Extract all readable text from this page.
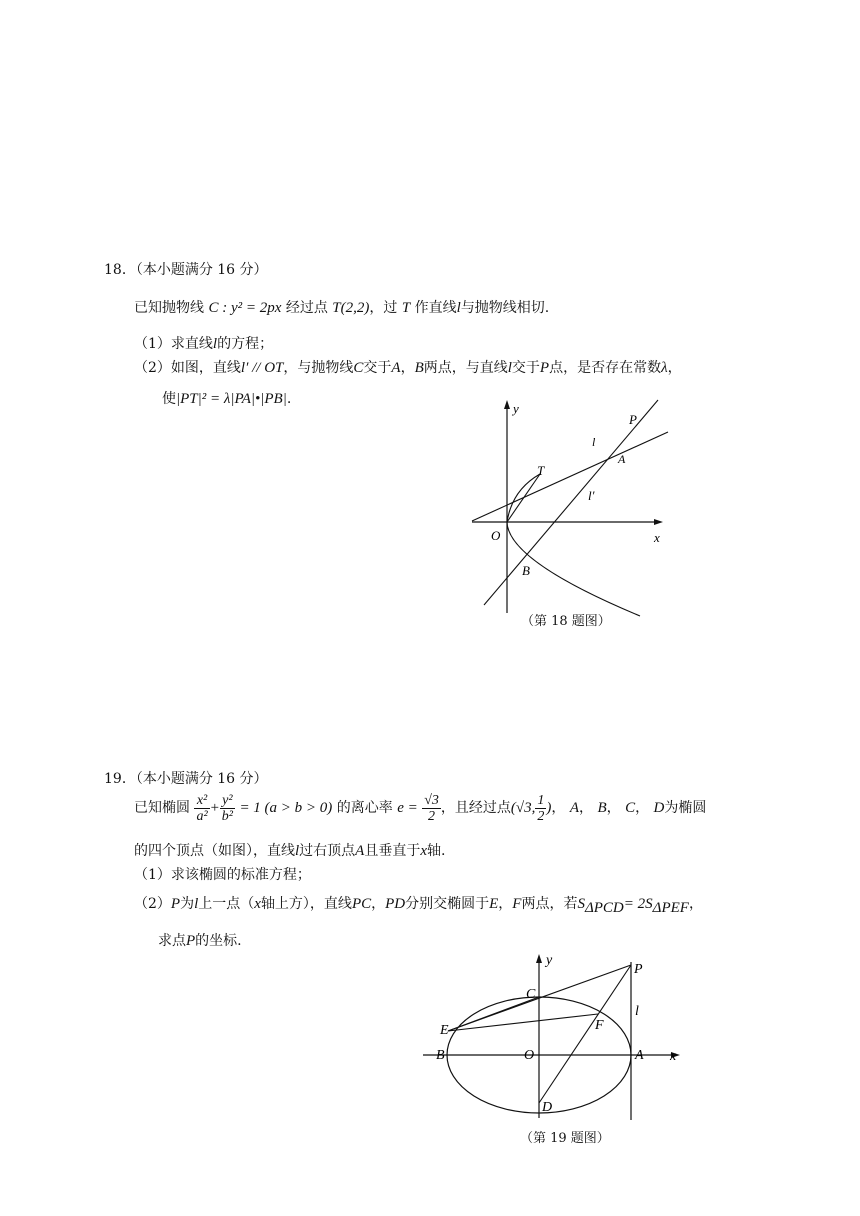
18．（本小题满分 16 分）
已知抛物线 C : y² = 2px 经过点 T(2,2)，过 T 作直线l与抛物线相切.
（1）求直线l的方程；
（2）如图，直线l′ // OT，与抛物线C交于A，B两点，与直线l交于P点，是否存在常数λ，
使|PT|² = λ|PA|•|PB|.
y
x
O
T
P
A
B
l
l′
（第 18 题图）
19．（本小题满分 16 分）
已知椭圆 $\frac{\text{x²}}{\text{a²}} + \frac{\text{y²}}{\text{b²}} = 1$ (a > b > 0) 的离心率 $e = \frac{√3}{2}$ ，且经过点(√3, $\frac{1}{2}$ )， A， B， C， D为椭圆
的四个顶点（如图），直线l过右顶点A且垂直于x轴.
（1）求该椭圆的标准方程；
（2）P为l上一点（x轴上方），直线PC，PD分别交椭圆于E，F两点，若$S_{\Delta PCD}= 2S_{\Delta PEF}$，
求点P的坐标.
y
x
O	A
B
C
D
E	F
P
l
（第 19 题图）
